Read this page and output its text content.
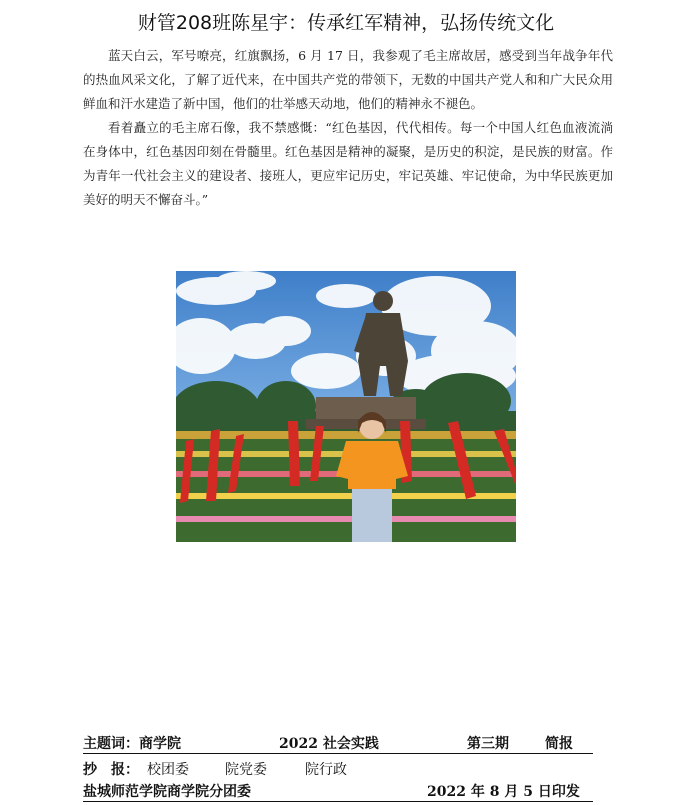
财管208班陈星宇：传承红军精神，弘扬传统文化

蓝天白云，军号嘹亮，红旗飘扬，6 月 17 日，我参观了毛主席故居，感受到当年战争年代的热血风采文化，了解了近代来，在中国共产党的带领下，无数的中国共产党人和和广大民众用鲜血和汗水建造了新中国，他们的壮举感天动地，他们的精神永不褪色。

看着矗立的毛主席石像，我不禁感慨：“红色基因，代代相传。每一个中国人红色血液流淌在身体中，红色基因印刻在骨髓里。红色基因是精神的凝聚，是历史的积淀，是民族的财富。作为青年一代社会主义的建设者、接班人，更应牢记历史，牢记英雄、牢记使命，为中华民族更加美好的明天不懈奋斗。”

主题词：商学院	2022 社会实践	第三期	简报
抄　报： 校团委	院党委	院行政
盐城师范学院商学院分团委	2022 年 8 月 5 日印发
